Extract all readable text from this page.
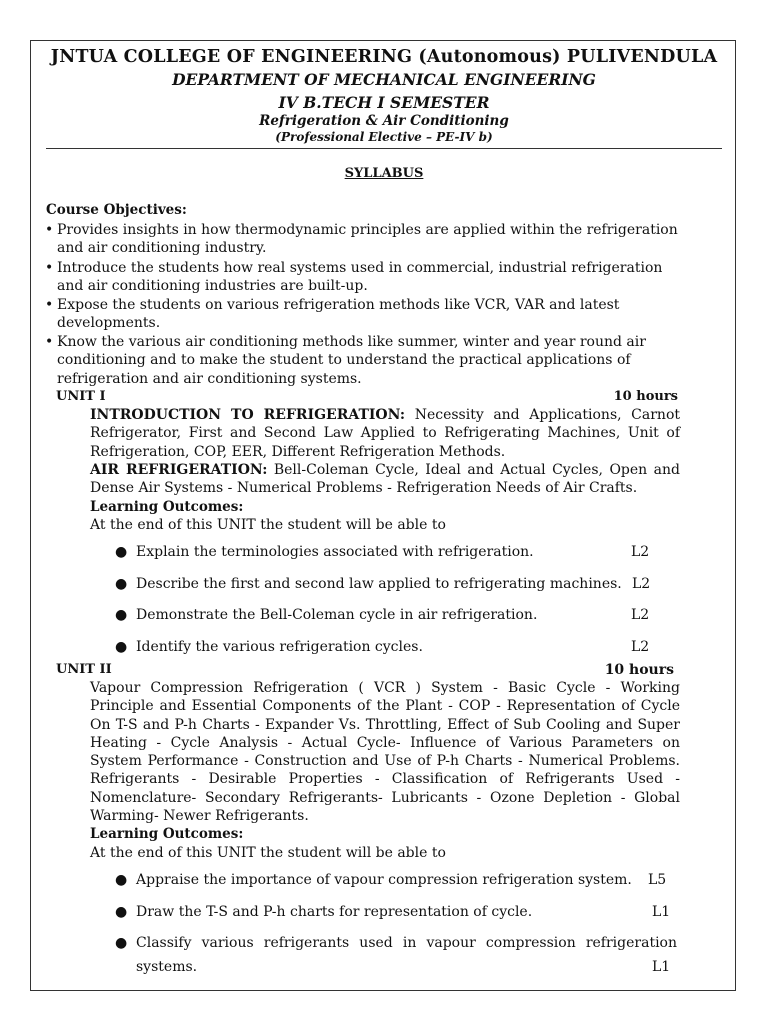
JNTUA COLLEGE OF ENGINEERING (Autonomous) PULIVENDULA
DEPARTMENT OF MECHANICAL ENGINEERING
IV B.TECH I SEMESTER
Refrigeration & Air Conditioning
(Professional Elective – PE-IV b)
SYLLABUS
Course Objectives:
• Provides insights in how thermodynamic principles are applied within the refrigeration
and air conditioning industry.
• Introduce the students how real systems used in commercial, industrial refrigeration
and air conditioning industries are built-up.
• Expose the students on various refrigeration methods like VCR, VAR and latest
developments.
• Know the various air conditioning methods like summer, winter and year round air
conditioning and to make the student to understand the practical applications of
refrigeration and air conditioning systems.
UNIT I	10 hours
INTRODUCTION TO REFRIGERATION: Necessity and Applications, Carnot Refrigerator, First and Second Law Applied to Refrigerating Machines, Unit of Refrigeration, COP, EER, Different Refrigeration Methods.
AIR REFRIGERATION: Bell-Coleman Cycle, Ideal and Actual Cycles, Open and Dense Air Systems - Numerical Problems - Refrigeration Needs of Air Crafts.
Learning Outcomes:
At the end of this UNIT the student will be able to
● Explain the terminologies associated with refrigeration.	L2
● Describe the first and second law applied to refrigerating machines. L2
● Demonstrate the Bell-Coleman cycle in air refrigeration.	L2
● Identify the various refrigeration cycles.	L2
UNIT II	10 hours
Vapour Compression Refrigeration ( VCR ) System - Basic Cycle - Working Principle and Essential Components of the Plant - COP - Representation of Cycle On T-S and P-h Charts - Expander Vs. Throttling, Effect of Sub Cooling and Super Heating - Cycle Analysis - Actual Cycle- Influence of Various Parameters on System Performance - Construction and Use of P-h Charts - Numerical Problems. Refrigerants - Desirable Properties - Classification of Refrigerants Used - Nomenclature- Secondary Refrigerants- Lubricants - Ozone Depletion - Global Warming- Newer Refrigerants.
Learning Outcomes:
At the end of this UNIT the student will be able to
● Appraise the importance of vapour compression refrigeration system. L5
● Draw the T-S and P-h charts for representation of cycle.	L1
● Classify various refrigerants used in vapour compression refrigeration
systems.	L1
